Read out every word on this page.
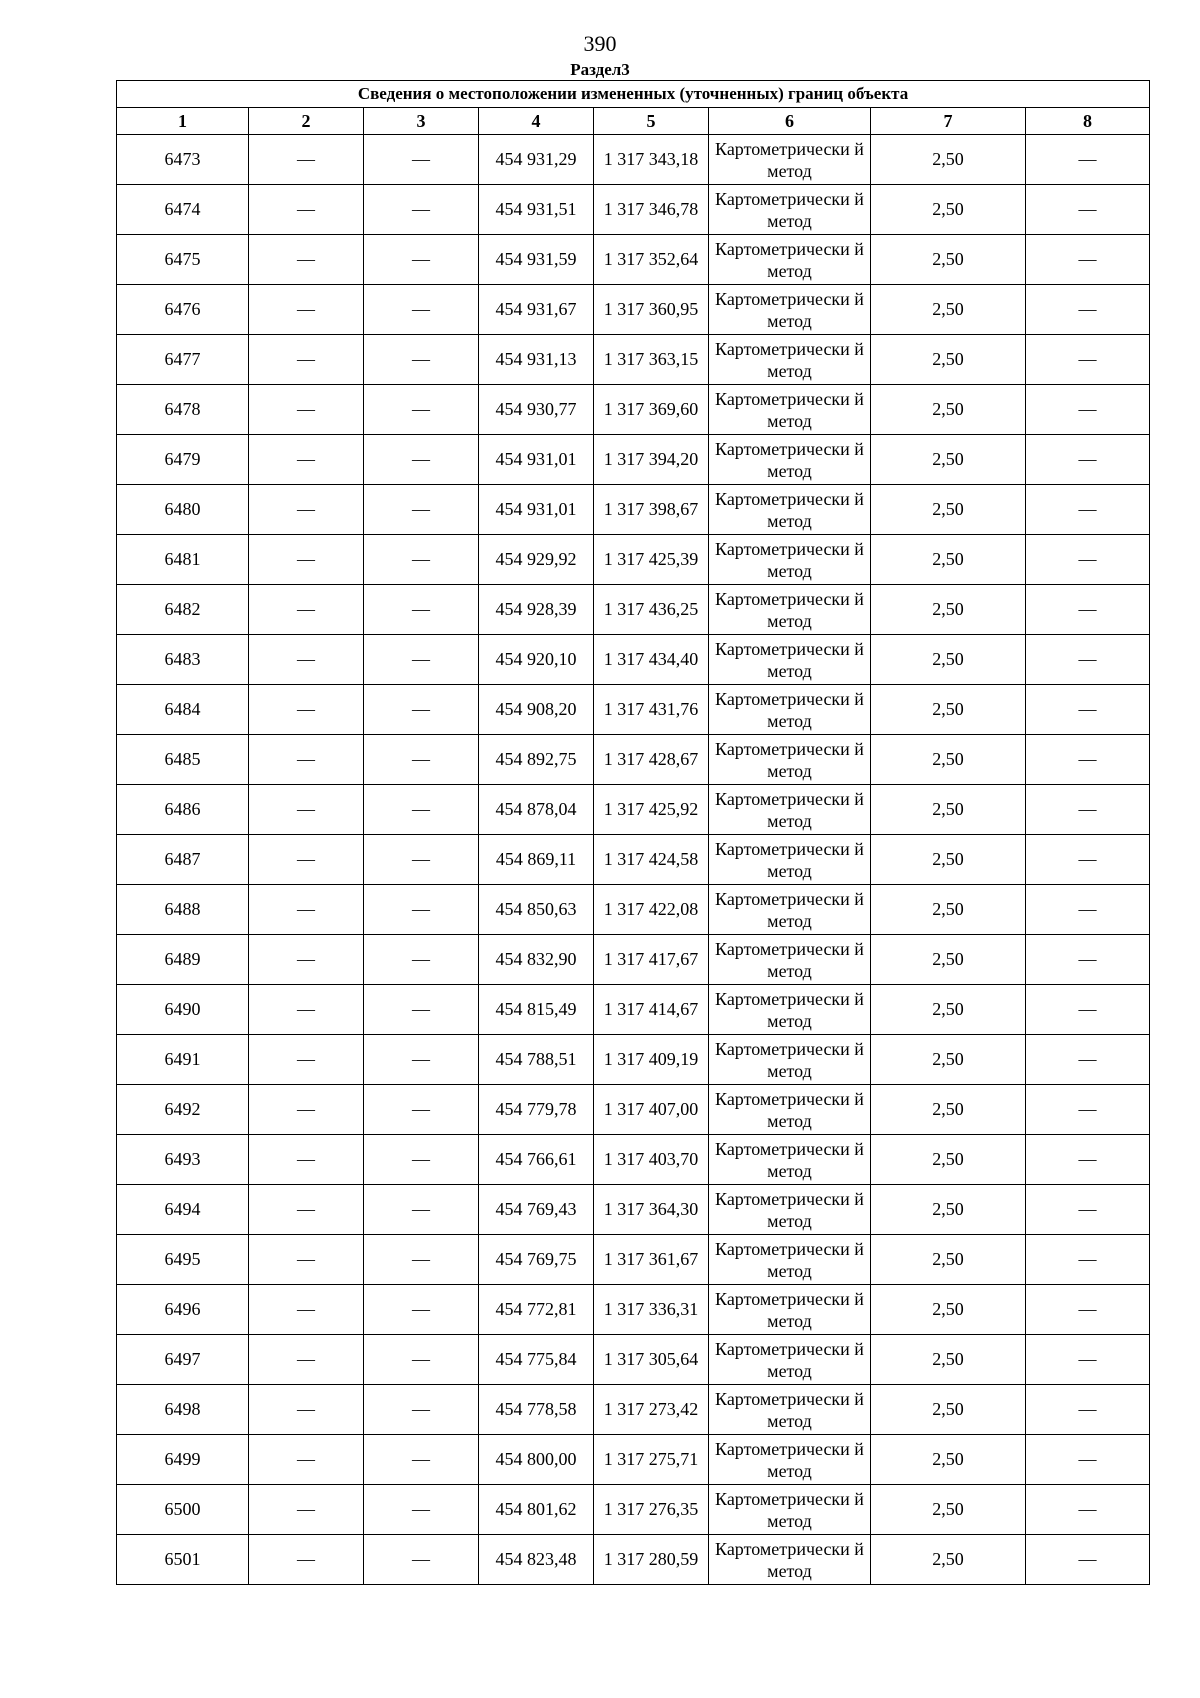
390
Раздел3
Сведения о местоположении измененных (уточненных) границ объекта							
1	2	3	4	5	6	7	8
6473	—	—	454 931,29	1 317 343,18	Картометрически й метод	2,50	—
6474	—	—	454 931,51	1 317 346,78	Картометрически й метод	2,50	—
6475	—	—	454 931,59	1 317 352,64	Картометрически й метод	2,50	—
6476	—	—	454 931,67	1 317 360,95	Картометрически й метод	2,50	—
6477	—	—	454 931,13	1 317 363,15	Картометрически й метод	2,50	—
6478	—	—	454 930,77	1 317 369,60	Картометрически й метод	2,50	—
6479	—	—	454 931,01	1 317 394,20	Картометрически й метод	2,50	—
6480	—	—	454 931,01	1 317 398,67	Картометрически й метод	2,50	—
6481	—	—	454 929,92	1 317 425,39	Картометрически й метод	2,50	—
6482	—	—	454 928,39	1 317 436,25	Картометрически й метод	2,50	—
6483	—	—	454 920,10	1 317 434,40	Картометрически й метод	2,50	—
6484	—	—	454 908,20	1 317 431,76	Картометрически й метод	2,50	—
6485	—	—	454 892,75	1 317 428,67	Картометрически й метод	2,50	—
6486	—	—	454 878,04	1 317 425,92	Картометрически й метод	2,50	—
6487	—	—	454 869,11	1 317 424,58	Картометрически й метод	2,50	—
6488	—	—	454 850,63	1 317 422,08	Картометрически й метод	2,50	—
6489	—	—	454 832,90	1 317 417,67	Картометрически й метод	2,50	—
6490	—	—	454 815,49	1 317 414,67	Картометрически й метод	2,50	—
6491	—	—	454 788,51	1 317 409,19	Картометрически й метод	2,50	—
6492	—	—	454 779,78	1 317 407,00	Картометрически й метод	2,50	—
6493	—	—	454 766,61	1 317 403,70	Картометрически й метод	2,50	—
6494	—	—	454 769,43	1 317 364,30	Картометрически й метод	2,50	—
6495	—	—	454 769,75	1 317 361,67	Картометрически й метод	2,50	—
6496	—	—	454 772,81	1 317 336,31	Картометрически й метод	2,50	—
6497	—	—	454 775,84	1 317 305,64	Картометрически й метод	2,50	—
6498	—	—	454 778,58	1 317 273,42	Картометрически й метод	2,50	—
6499	—	—	454 800,00	1 317 275,71	Картометрически й метод	2,50	—
6500	—	—	454 801,62	1 317 276,35	Картометрически й метод	2,50	—
6501	—	—	454 823,48	1 317 280,59	Картометрически й метод	2,50	—
